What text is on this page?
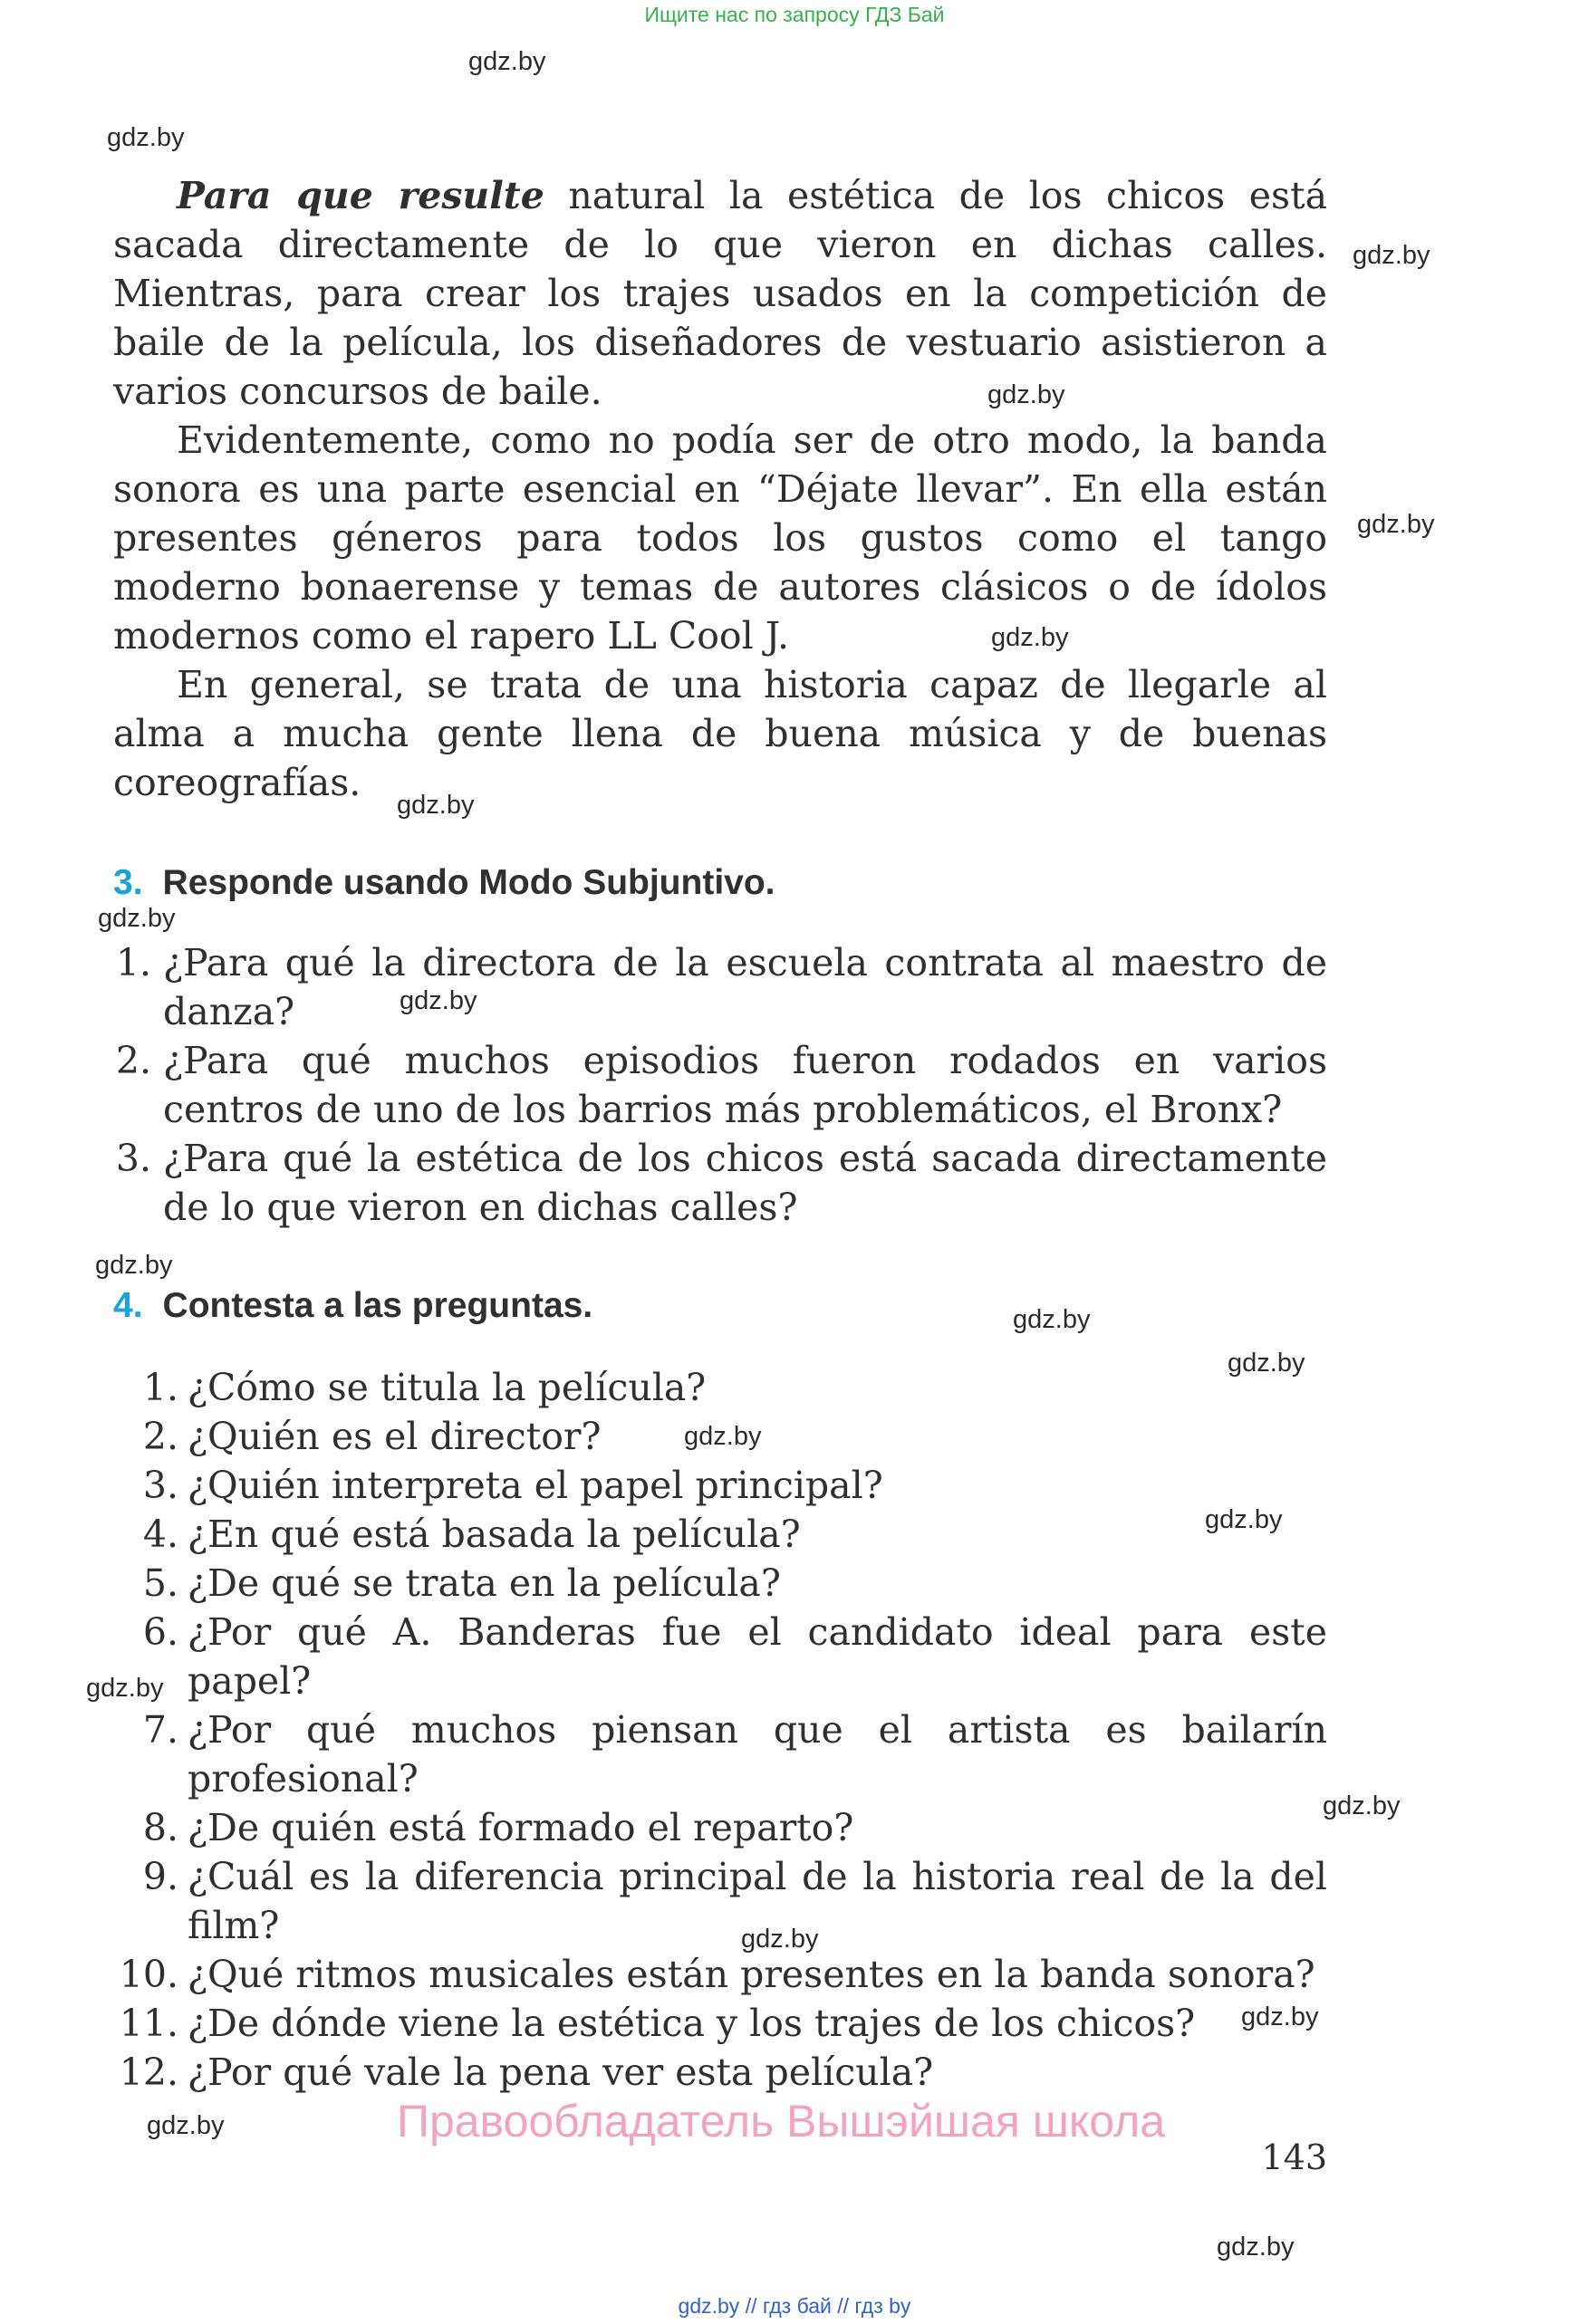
Ищите нас по запросу ГДЗ Бай
gdz.by
gdz.by
gdz.by
gdz.by
gdz.by
gdz.by
gdz.by
gdz.by
gdz.by
gdz.by
gdz.by
gdz.by
gdz.by
gdz.by
gdz.by
gdz.by
gdz.by
gdz.by
gdz.by
gdz.by

Para que resulte natural la estética de los chicos está sacada directamente de lo que vieron en dichas calles. Mientras, para crear los trajes usados en la competición de baile de la película, los diseñadores de vestuario asistieron a varios concursos de baile.

Evidentemente, como no podía ser de otro modo, la banda sonora es una parte esencial en “Déjate llevar”. En ella están presentes géneros para todos los gustos como el tango moderno bonaerense y temas de autores clásicos o de ídolos modernos como el rapero LL Cool J.

En general, se trata de una historia capaz de llegarle al alma a mucha gente llena de buena música y de buenas coreografías.

3. Responde usando Modo Subjuntivo.
1. ¿Para qué la directora de la escuela contrata al maestro de danza?
2. ¿Para qué muchos episodios fueron rodados en varios centros de uno de los barrios más problemáticos, el Bronx?
3. ¿Para qué la estética de los chicos está sacada directamente de lo que vieron en dichas calles?
4. Contesta a las preguntas.
1. ¿Cómo se titula la película?
2. ¿Quién es el director?
3. ¿Quién interpreta el papel principal?
4. ¿En qué está basada la película?
5. ¿De qué se trata en la película?
6. ¿Por qué A. Banderas fue el candidato ideal para este papel?
7. ¿Por qué muchos piensan que el artista es bailarín profesional?
8. ¿De quién está formado el reparto?
9. ¿Cuál es la diferencia principal de la historia real de la del film?
10. ¿Qué ritmos musicales están presentes en la banda sonora?
11. ¿De dónde viene la estética y los trajes de los chicos?
12. ¿Por qué vale la pena ver esta película?
Правообладатель Вышэйшая школа
143
gdz.by // гдз бай // гдз by
